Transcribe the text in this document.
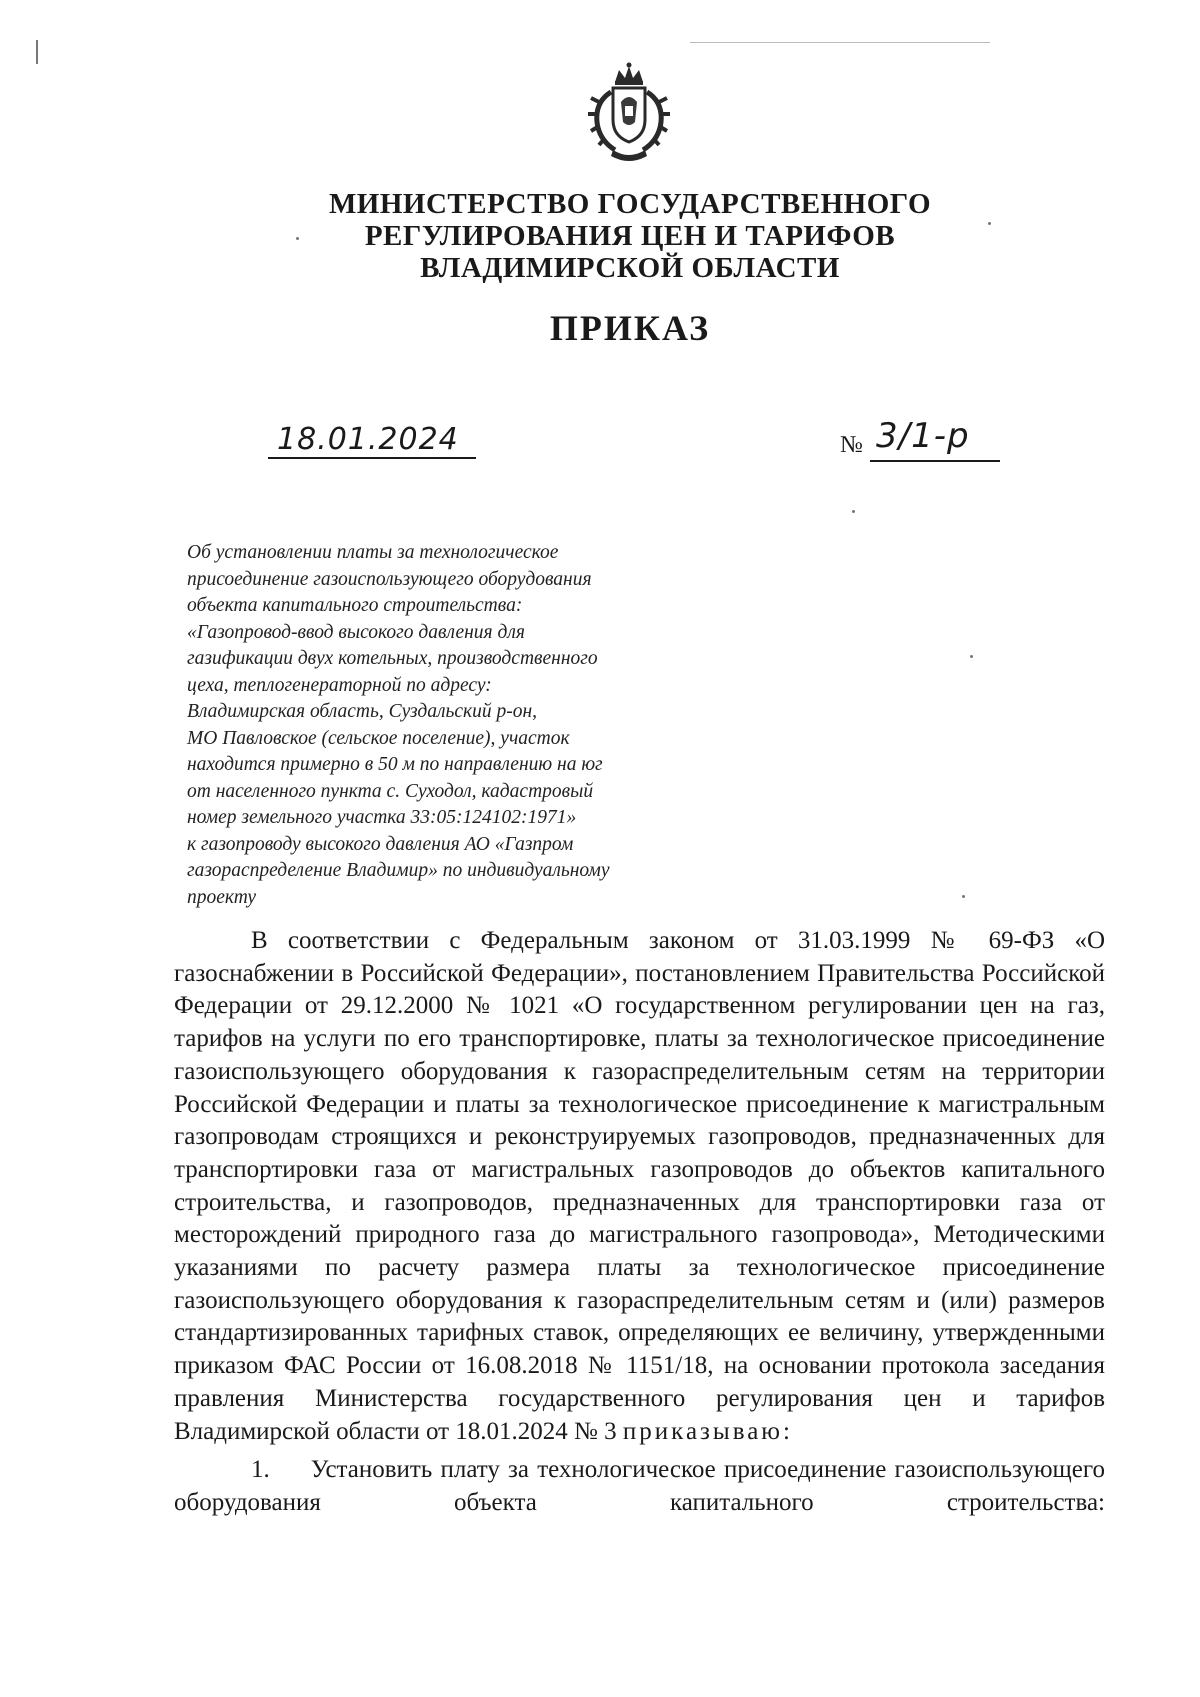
МИНИСТЕРСТВО ГОСУДАРСТВЕННОГО
РЕГУЛИРОВАНИЯ ЦЕН И ТАРИФОВ
ВЛАДИМИРСКОЙ ОБЛАСТИ
ПРИКАЗ
18.01.2024	№ 3/1-р
Об установлении платы за технологическое
присоединение газоиспользующего оборудования
объекта капитального строительства:
«Газопровод-ввод высокого давления для
газификации двух котельных, производственного
цеха, теплогенераторной по адресу:
Владимирская область, Суздальский р-он,
МО Павловское (сельское поселение), участок
находится примерно в 50 м по направлению на юг
от населенного пункта с. Суходол, кадастровый
номер земельного участка 33:05:124102:1971»
к газопроводу высокого давления АО «Газпром
газораспределение Владимир» по индивидуальному
проекту

В соответствии с Федеральным законом от 31.03.1999 № 69-ФЗ «О газоснабжении в Российской Федерации», постановлением Правительства Российской Федерации от 29.12.2000 № 1021 «О государственном регулировании цен на газ, тарифов на услуги по его транспортировке, платы за технологическое присоединение газоиспользующего оборудования к газораспределительным сетям на территории Российской Федерации и платы за технологическое присоединение к магистральным газопроводам строящихся и реконструируемых газопроводов, предназначенных для транспортировки газа от магистральных газопроводов до объектов капитального строительства, и газопроводов, предназначенных для транспортировки газа от месторождений природного газа до магистрального газопровода», Методическими указаниями по расчету размера платы за технологическое присоединение газоиспользующего оборудования к газораспределительным сетям и (или) размеров стандартизированных тарифных ставок, определяющих ее величину, утвержденными приказом ФАС России от 16.08.2018 № 1151/18, на основании протокола заседания правления Министерства государственного регулирования цен и тарифов Владимирской области от 18.01.2024 № 3 приказываю:

1. Установить плату за технологическое присоединение газоиспользующего оборудования объекта капитального строительства:
